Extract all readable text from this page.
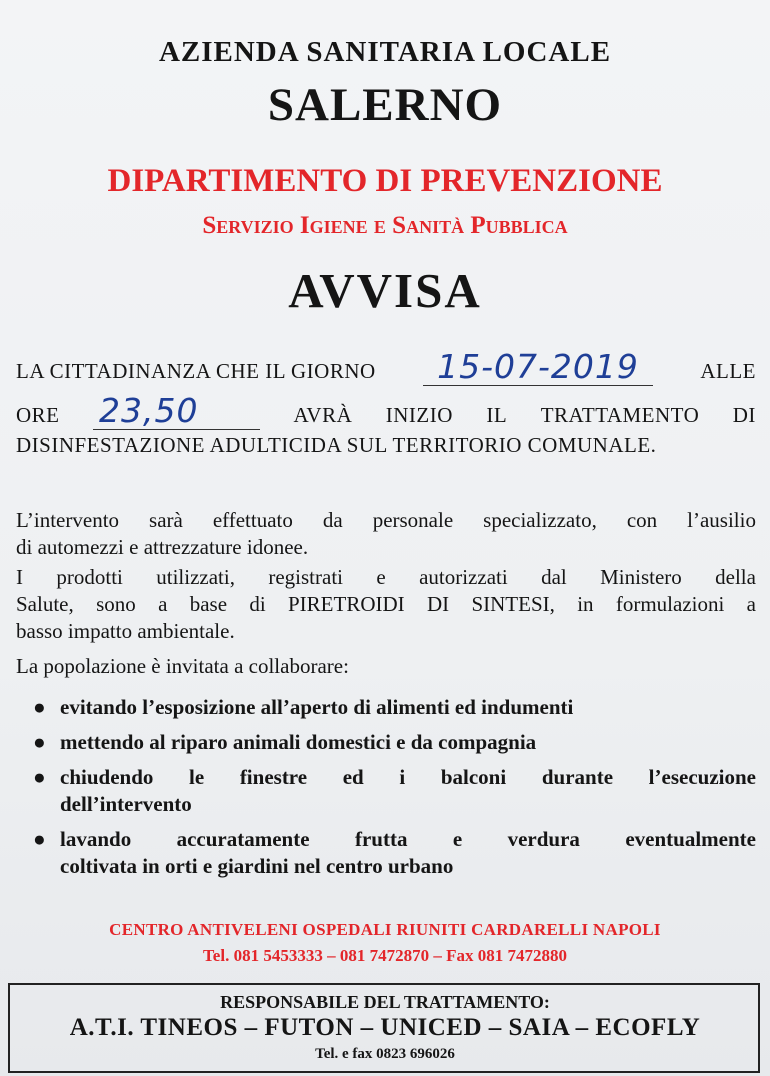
AZIENDA SANITARIA LOCALE
SALERNO
DIPARTIMENTO DI PREVENZIONE
Servizio Igiene e Sanità Pubblica
AVVISA
LA CITTADINANZA CHE IL GIORNO	15-07-2019	ALLE
ORE 23,50	AVRÀ INIZIO IL TRATTAMENTO DI
DISINFESTAZIONE ADULTICIDA SUL TERRITORIO COMUNALE.
L’intervento sarà effettuato da personale specializzato, con l’ausilio
di automezzi e attrezzature idonee.
I prodotti utilizzati, registrati e autorizzati dal Ministero della
Salute, sono a base di PIRETROIDI DI SINTESI, in formulazioni a
basso impatto ambientale.
La popolazione è invitata a collaborare:
● evitando l’esposizione all’aperto di alimenti ed indumenti
● mettendo al riparo animali domestici e da compagnia
● chiudendo le finestre ed i balconi durante l’esecuzione
dell’intervento
● lavando accuratamente frutta e verdura eventualmente
coltivata in orti e giardini nel centro urbano
CENTRO ANTIVELENI OSPEDALI RIUNITI CARDARELLI NAPOLI
Tel. 081 5453333 – 081 7472870 – Fax 081 7472880
RESPONSABILE DEL TRATTAMENTO:
A.T.I. TINEOS – FUTON – UNICED – SAIA – ECOFLY
Tel. e fax 0823 696026
